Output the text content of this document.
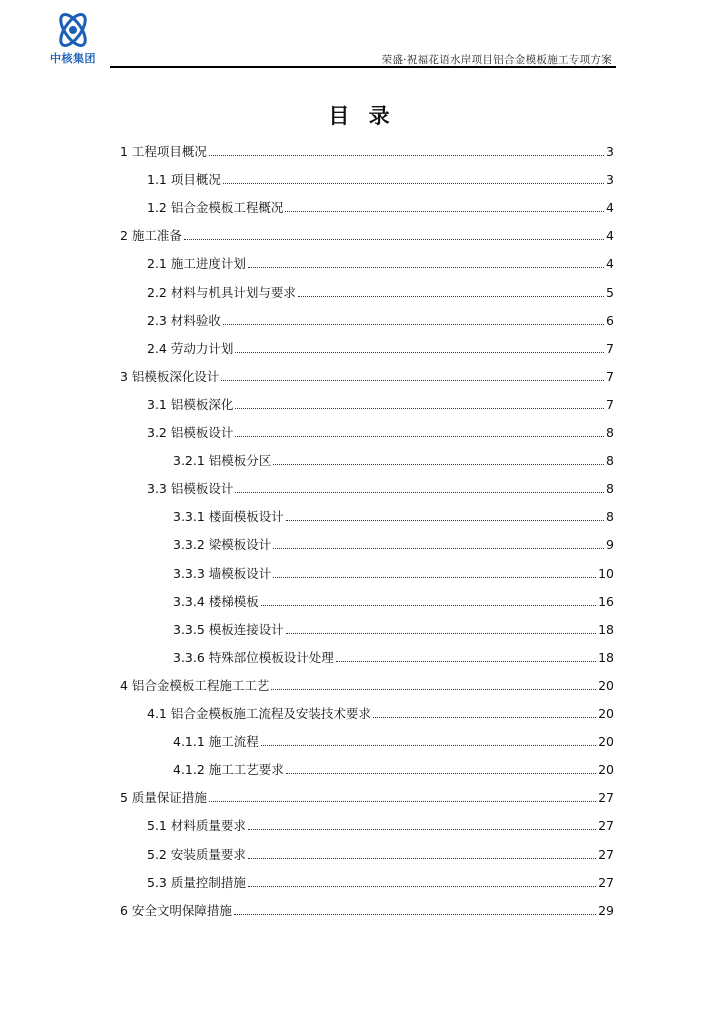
中核集团	荣盛·祝福花语水岸项目铝合金模板施工专项方案
目 录
1 工程项目概况	3
1.1 项目概况	3
1.2 铝合金模板工程概况	4
2 施工准备	4
2.1 施工进度计划	4
2.2 材料与机具计划与要求	5
2.3 材料验收	6
2.4 劳动力计划	7
3 铝模板深化设计	7
3.1 铝模板深化	7
3.2 铝模板设计	8
3.2.1 铝模板分区	8
3.3 铝模板设计	8
3.3.1 楼面模板设计	8
3.3.2 梁模板设计	9
3.3.3 墙模板设计	10
3.3.4 楼梯模板	16
3.3.5 模板连接设计	18
3.3.6 特殊部位模板设计处理	18
4 铝合金模板工程施工工艺	20
4.1 铝合金模板施工流程及安装技术要求	20
4.1.1 施工流程	20
4.1.2 施工工艺要求	20
5 质量保证措施	27
5.1 材料质量要求	27
5.2 安装质量要求	27
5.3 质量控制措施	27
6 安全文明保障措施	29
